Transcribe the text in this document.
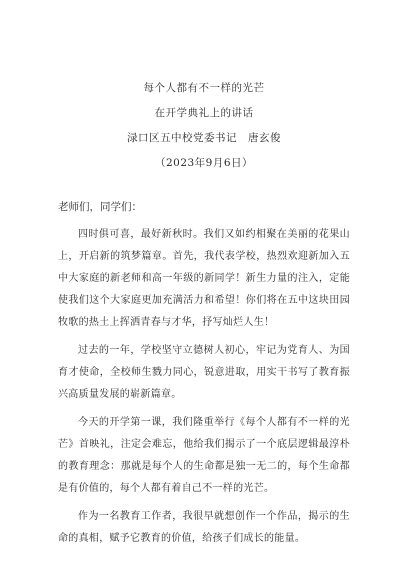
每个人都有不一样的光芒
在开学典礼上的讲话
渌口区五中校党委书记　唐玄俊
（2023年9月6日）
老师们，同学们：

四时俱可喜，最好新秋时。我们又如约相聚在美丽的花果山上，开启新的筑梦篇章。首先，我代表学校，热烈欢迎新加入五中大家庭的新老师和高一年级的新同学！新生力量的注入，定能使我们这个大家庭更加充满活力和希望！你们将在五中这块田园牧歌的热土上挥洒青春与才华，抒写灿烂人生！

过去的一年，学校坚守立德树人初心，牢记为党育人、为国育才使命，全校师生戮力同心，锐意进取，用实干书写了教育振兴高质量发展的崭新篇章。

今天的开学第一课，我们隆重举行《每个人都有不一样的光芒》首映礼，注定会难忘，他给我们揭示了一个底层逻辑最淳朴的教育理念：那就是每个人的生命都是独一无二的，每个生命都是有价值的，每个人都有着自己不一样的光芒。

作为一名教育工作者，我很早就想创作一个作品，揭示的生命的真相，赋予它教育的价值，给孩子们成长的能量。
